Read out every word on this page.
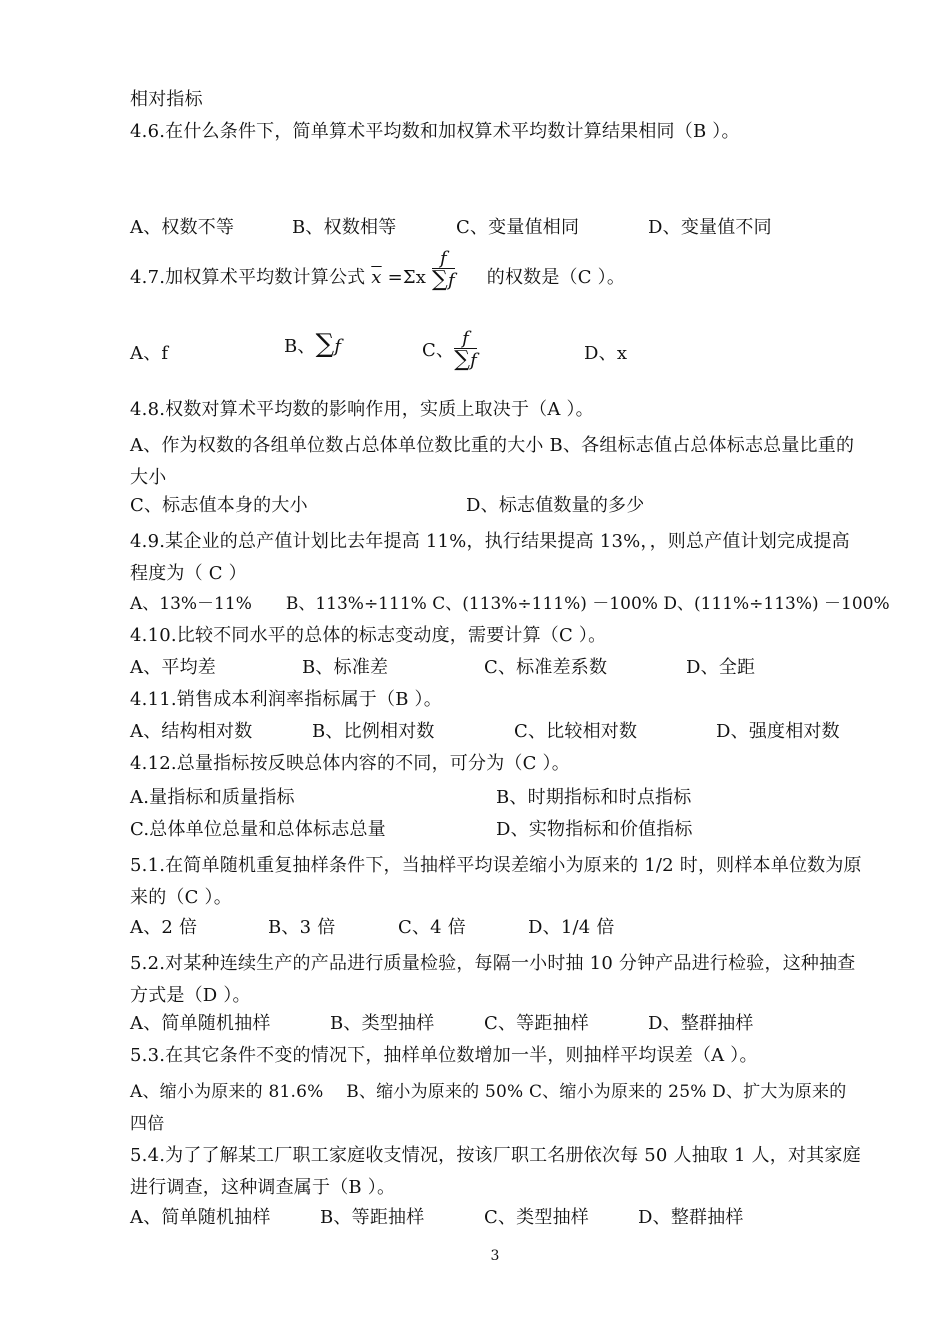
相对指标
4.6.在什么条件下，简单算术平均数和加权算术平均数计算结果相同（B ）。
A、权数不等	B、权数相等	C、变量值相同	D、变量值不同
4.7.加权算术平均数计算公式 $\overline{x} =\Sigma x \frac{f}{\sum f}$ 的权数是（C ）。
A、f	B、∑f	C、 $\frac{f}{\sum f}$	D、x
4.8.权数对算术平均数的影响作用，实质上取决于（A ）。
A、作为权数的各组单位数占总体单位数比重的大小 B、各组标志值占总体标志总量比重的大小
C、标志值本身的大小	D、标志值数量的多少
4.9.某企业的总产值计划比去年提高 11%，执行结果提高 13%，，则总产值计划完成提高程度为（ C ）
A、13%－11%　　B、113%÷111% C、(113%÷111%) －100% D、(111%÷113%) －100%
4.10.比较不同水平的总体的标志变动度，需要计算（C ）。
A、平均差	B、标准差	C、标准差系数	D、全距
4.11.销售成本利润率指标属于（B ）。
A、结构相对数	B、比例相对数	C、比较相对数	D、强度相对数
4.12.总量指标按反映总体内容的不同，可分为（C ）。
A.量指标和质量指标	B、时期指标和时点指标
C.总体单位总量和总体标志总量	D、实物指标和价值指标
5.1.在简单随机重复抽样条件下，当抽样平均误差缩小为原来的 1/2 时，则样本单位数为原来的（C ）。
A、2 倍	B、3 倍	C、4 倍	D、1/4 倍
5.2.对某种连续生产的产品进行质量检验，每隔一小时抽 10 分钟产品进行检验，这种抽查方式是（D ）。
A、简单随机抽样	B、类型抽样	C、等距抽样	D、整群抽样
5.3.在其它条件不变的情况下，抽样单位数增加一半，则抽样平均误差（A ）。
A、缩小为原来的 81.6%　 B、缩小为原来的 50% C、缩小为原来的 25% D、扩大为原来的四倍
5.4.为了了解某工厂职工家庭收支情况，按该厂职工名册依次每 50 人抽取 1 人，对其家庭进行调查，这种调查属于（B ）。
A、简单随机抽样	B、等距抽样	C、类型抽样	D、整群抽样
3
